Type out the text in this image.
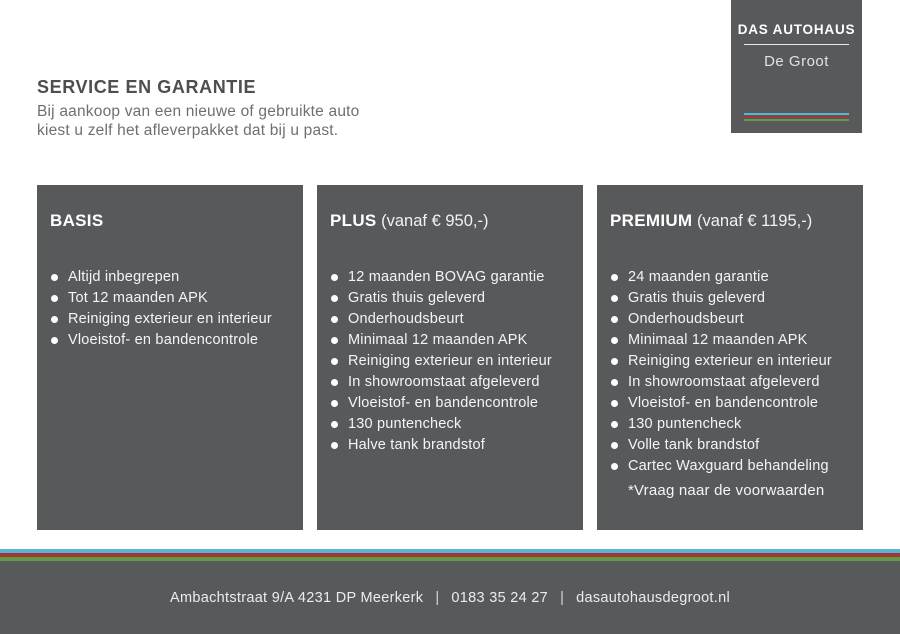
DAS AUTOHAUS
De Groot
SERVICE EN GARANTIE
Bij aankoop van een nieuwe of gebruikte auto
kiest u zelf het afleverpakket dat bij u past.
BASIS
Altijd inbegrepen
Tot 12 maanden APK
Reiniging exterieur en interieur
Vloeistof- en bandencontrole
PLUS (vanaf € 950,-)
12 maanden BOVAG garantie
Gratis thuis geleverd
Onderhoudsbeurt
Minimaal 12 maanden APK
Reiniging exterieur en interieur
In showroomstaat afgeleverd
Vloeistof- en bandencontrole
130 puntencheck
Halve tank brandstof
PREMIUM (vanaf € 1195,-)
24 maanden garantie
Gratis thuis geleverd
Onderhoudsbeurt
Minimaal 12 maanden APK
Reiniging exterieur en interieur
In showroomstaat afgeleverd
Vloeistof- en bandencontrole
130 puntencheck
Volle tank brandstof
Cartec Waxguard behandeling
*Vraag naar de voorwaarden
Ambachtstraat 9/A 4231 DP Meerkerk | 0183 35 24 27 | dasautohausdegroot.nl
